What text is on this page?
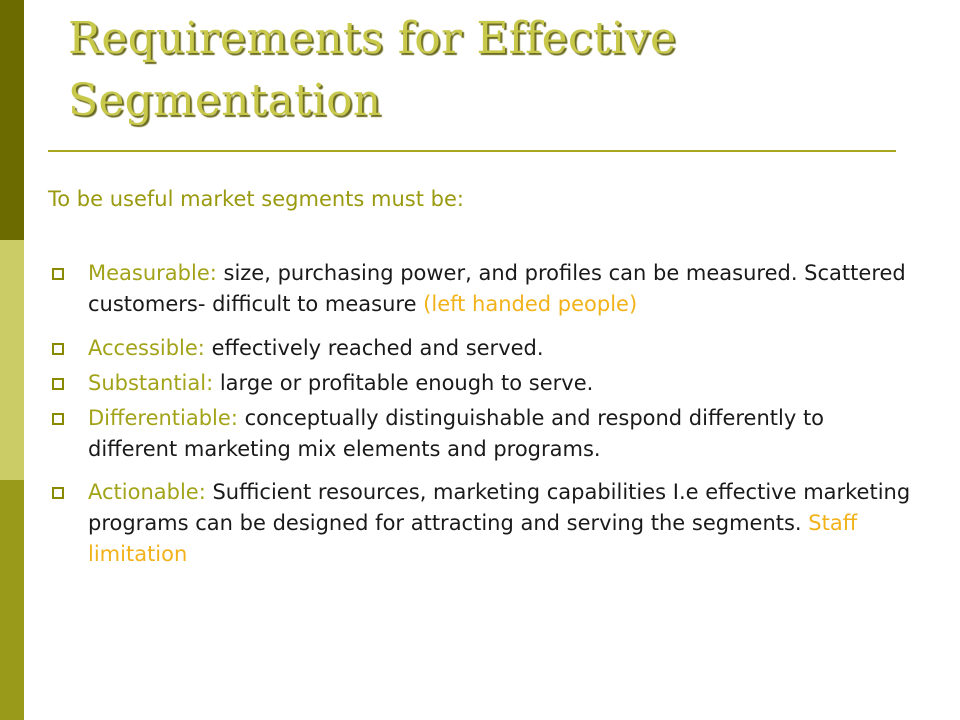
Requirements for Effective
Segmentation

To be useful market segments must be:

Measurable: size, purchasing power, and profiles can be measured. Scattered customers- difficult to measure (left handed people)
Accessible: effectively reached and served.
Substantial: large or profitable enough to serve.
Differentiable: conceptually distinguishable and respond differently to different marketing mix elements and programs.
Actionable: Sufficient resources, marketing capabilities I.e effective marketing programs can be designed for attracting and serving the segments. Staff limitation
